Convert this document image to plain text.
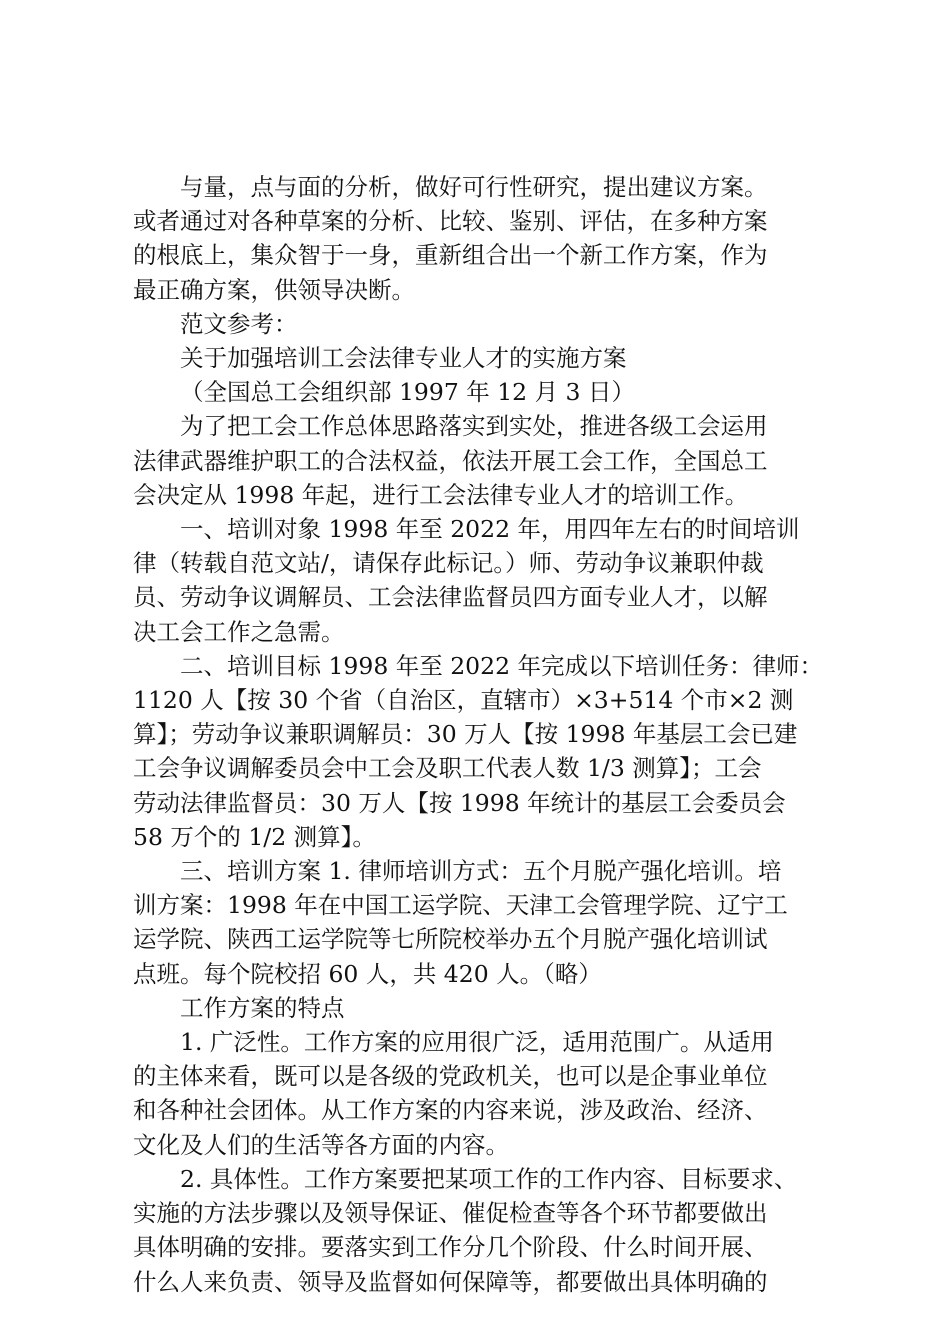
与量，点与面的分析，做好可行性研究，提出建议方案。
或者通过对各种草案的分析、比较、鉴别、评估，在多种方案
的根底上，集众智于一身，重新组合出一个新工作方案，作为
最正确方案，供领导决断。

范文参考：

关于加强培训工会法律专业人才的实施方案

（全国总工会组织部 1997 年 12 月 3 日）

为了把工会工作总体思路落实到实处，推进各级工会运用
法律武器维护职工的合法权益，依法开展工会工作，全国总工
会决定从 1998 年起，进行工会法律专业人才的培训工作。

一、培训对象 1998 年至 2022 年，用四年左右的时间培训
律（转载自范文站/，请保存此标记。）师、劳动争议兼职仲裁
员、劳动争议调解员、工会法律监督员四方面专业人才，以解
决工会工作之急需。

二、培训目标 1998 年至 2022 年完成以下培训任务：律师：
1120 人【按 30 个省（自治区，直辖市）×3+514 个市×2 测
算】；劳动争议兼职调解员：30 万人【按 1998 年基层工会已建
工会争议调解委员会中工会及职工代表人数 1/3 测算】；工会
劳动法律监督员：30 万人【按 1998 年统计的基层工会委员会
58 万个的 1/2 测算】。

三、培训方案 1. 律师培训方式：五个月脱产强化培训。培
训方案：1998 年在中国工运学院、天津工会管理学院、辽宁工
运学院、陕西工运学院等七所院校举办五个月脱产强化培训试
点班。每个院校招 60 人，共 420 人。（略）

工作方案的特点

1. 广泛性。工作方案的应用很广泛，适用范围广。从适用
的主体来看，既可以是各级的党政机关，也可以是企事业单位
和各种社会团体。从工作方案的内容来说，涉及政治、经济、
文化及人们的生活等各方面的内容。

2. 具体性。工作方案要把某项工作的工作内容、目标要求、
实施的方法步骤以及领导保证、催促检查等各个环节都要做出
具体明确的安排。要落实到工作分几个阶段、什么时间开展、
什么人来负责、领导及监督如何保障等，都要做出具体明确的
